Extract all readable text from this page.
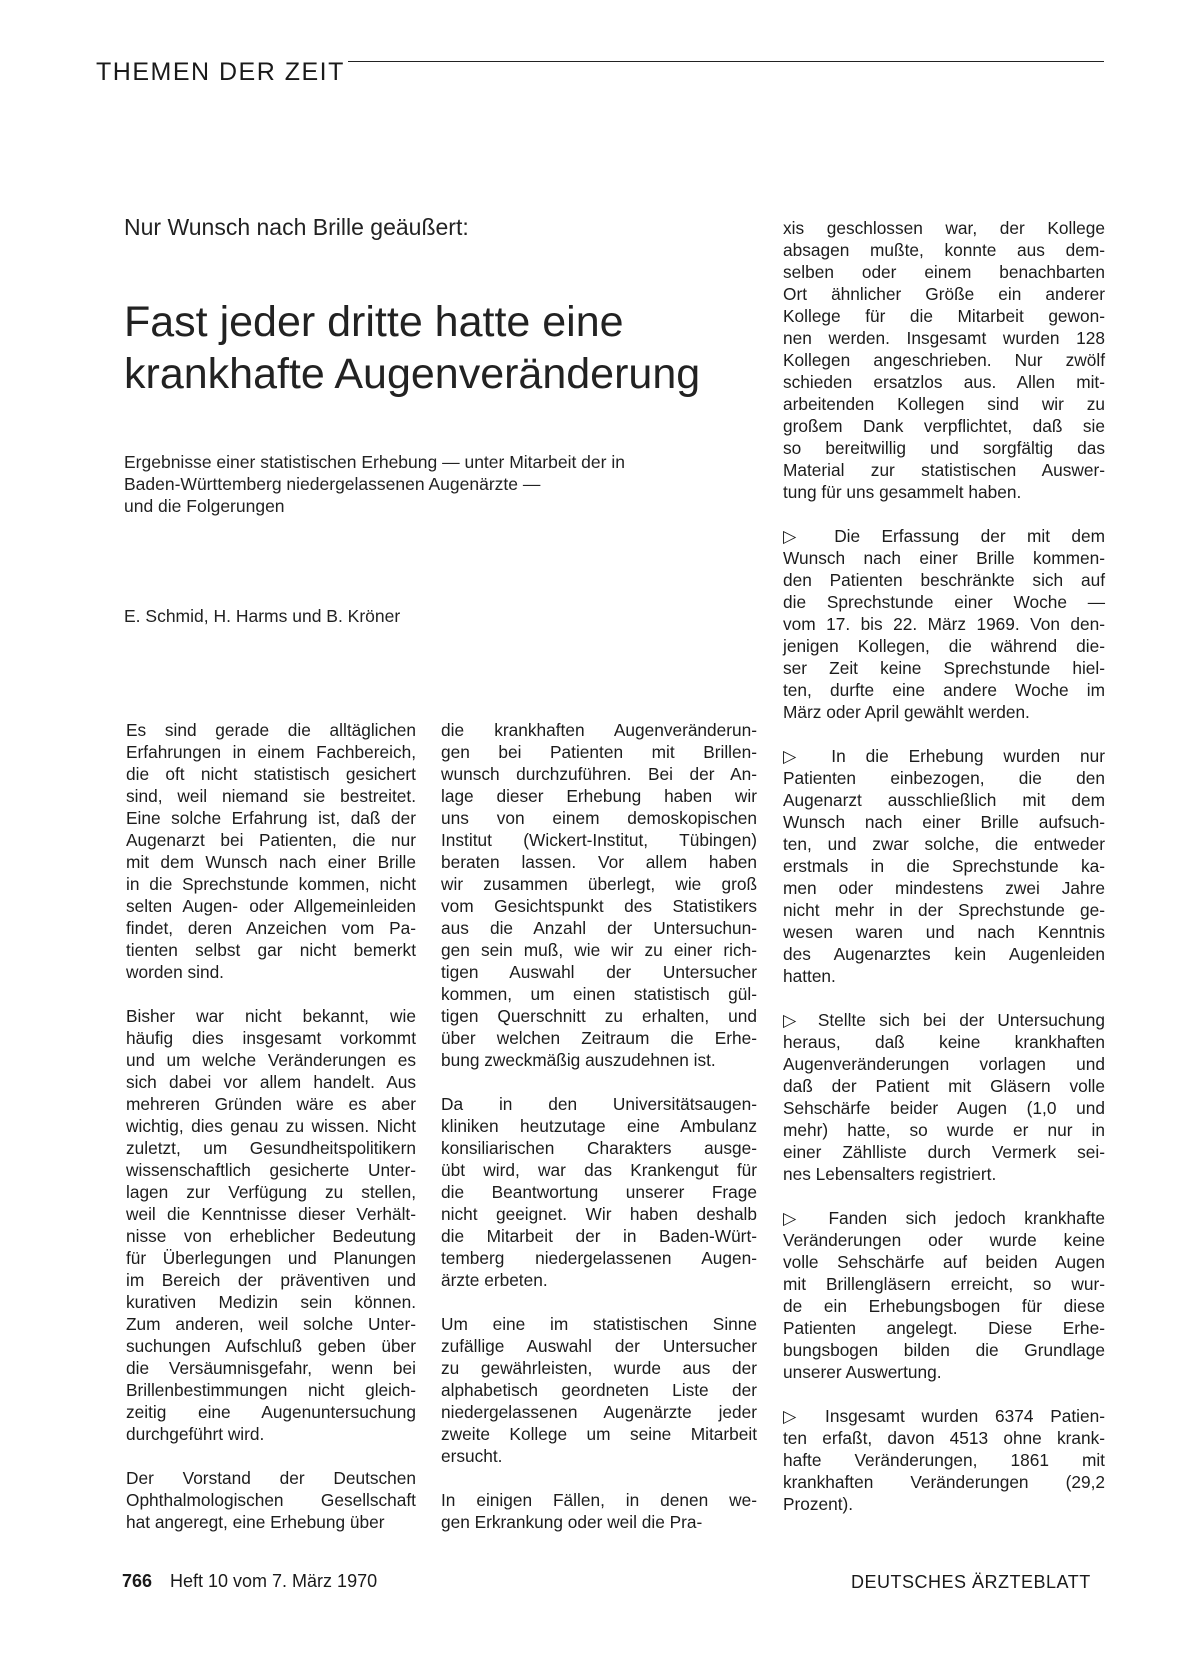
THEMEN DER ZEIT
Nur Wunsch nach Brille geäußert:
Fast jeder dritte hatte eine
krankhafte Augenveränderung
Ergebnisse einer statistischen Erhebung — unter Mitarbeit der in
Baden-Württemberg niedergelassenen Augenärzte —
und die Folgerungen
E. Schmid, H. Harms und B. Kröner

Es sind gerade die alltäglichen
Erfahrungen in einem Fachbereich,
die oft nicht statistisch gesichert
sind, weil niemand sie bestreitet.
Eine solche Erfahrung ist, daß der
Augenarzt bei Patienten, die nur
mit dem Wunsch nach einer Brille
in die Sprechstunde kommen, nicht
selten Augen- oder Allgemeinleiden
findet, deren Anzeichen vom Pa-
tienten selbst gar nicht bemerkt
worden sind.

Bisher war nicht bekannt, wie
häufig dies insgesamt vorkommt
und um welche Veränderungen es
sich dabei vor allem handelt. Aus
mehreren Gründen wäre es aber
wichtig, dies genau zu wissen. Nicht
zuletzt, um Gesundheitspolitikern
wissenschaftlich gesicherte Unter-
lagen zur Verfügung zu stellen,
weil die Kenntnisse dieser Verhält-
nisse von erheblicher Bedeutung
für Überlegungen und Planungen
im Bereich der präventiven und
kurativen Medizin sein können.
Zum anderen, weil solche Unter-
suchungen Aufschluß geben über
die Versäumnisgefahr, wenn bei
Brillenbestimmungen nicht gleich-
zeitig eine Augenuntersuchung
durchgeführt wird.

Der Vorstand der Deutschen
Ophthalmologischen Gesellschaft
hat angeregt, eine Erhebung über

die krankhaften Augenveränderun-
gen bei Patienten mit Brillen-
wunsch durchzuführen. Bei der An-
lage dieser Erhebung haben wir
uns von einem demoskopischen
Institut (Wickert-Institut, Tübingen)
beraten lassen. Vor allem haben
wir zusammen überlegt, wie groß
vom Gesichtspunkt des Statistikers
aus die Anzahl der Untersuchun-
gen sein muß, wie wir zu einer rich-
tigen Auswahl der Untersucher
kommen, um einen statistisch gül-
tigen Querschnitt zu erhalten, und
über welchen Zeitraum die Erhe-
bung zweckmäßig auszudehnen ist.

Da in den Universitätsaugen-
kliniken heutzutage eine Ambulanz
konsiliarischen Charakters ausge-
übt wird, war das Krankengut für
die Beantwortung unserer Frage
nicht geeignet. Wir haben deshalb
die Mitarbeit der in Baden-Würt-
temberg niedergelassenen Augen-
ärzte erbeten.

Um eine im statistischen Sinne
zufällige Auswahl der Untersucher
zu gewährleisten, wurde aus der
alphabetisch geordneten Liste der
niedergelassenen Augenärzte jeder
zweite Kollege um seine Mitarbeit
ersucht.

In einigen Fällen, in denen we-
gen Erkrankung oder weil die Pra-

xis geschlossen war, der Kollege
absagen mußte, konnte aus dem-
selben oder einem benachbarten
Ort ähnlicher Größe ein anderer
Kollege für die Mitarbeit gewon-
nen werden. Insgesamt wurden 128
Kollegen angeschrieben. Nur zwölf
schieden ersatzlos aus. Allen mit-
arbeitenden Kollegen sind wir zu
großem Dank verpflichtet, daß sie
so bereitwillig und sorgfältig das
Material zur statistischen Auswer-
tung für uns gesammelt haben.

▷ Die Erfassung der mit dem
Wunsch nach einer Brille kommen-
den Patienten beschränkte sich auf
die Sprechstunde einer Woche —
vom 17. bis 22. März 1969. Von den-
jenigen Kollegen, die während die-
ser Zeit keine Sprechstunde hiel-
ten, durfte eine andere Woche im
März oder April gewählt werden.

▷ In die Erhebung wurden nur
Patienten einbezogen, die den
Augenarzt ausschließlich mit dem
Wunsch nach einer Brille aufsuch-
ten, und zwar solche, die entweder
erstmals in die Sprechstunde ka-
men oder mindestens zwei Jahre
nicht mehr in der Sprechstunde ge-
wesen waren und nach Kenntnis
des Augenarztes kein Augenleiden
hatten.

▷ Stellte sich bei der Untersuchung
heraus, daß keine krankhaften
Augenveränderungen vorlagen und
daß der Patient mit Gläsern volle
Sehschärfe beider Augen (1,0 und
mehr) hatte, so wurde er nur in
einer Zählliste durch Vermerk sei-
nes Lebensalters registriert.

▷ Fanden sich jedoch krankhafte
Veränderungen oder wurde keine
volle Sehschärfe auf beiden Augen
mit Brillengläsern erreicht, so wur-
de ein Erhebungsbogen für diese
Patienten angelegt. Diese Erhe-
bungsbogen bilden die Grundlage
unserer Auswertung.

▷ Insgesamt wurden 6374 Patien-
ten erfaßt, davon 4513 ohne krank-
hafte Veränderungen, 1861 mit
krankhaften Veränderungen (29,2
Prozent).

766 Heft 10 vom 7. März 1970	DEUTSCHES ÄRZTEBLATT
